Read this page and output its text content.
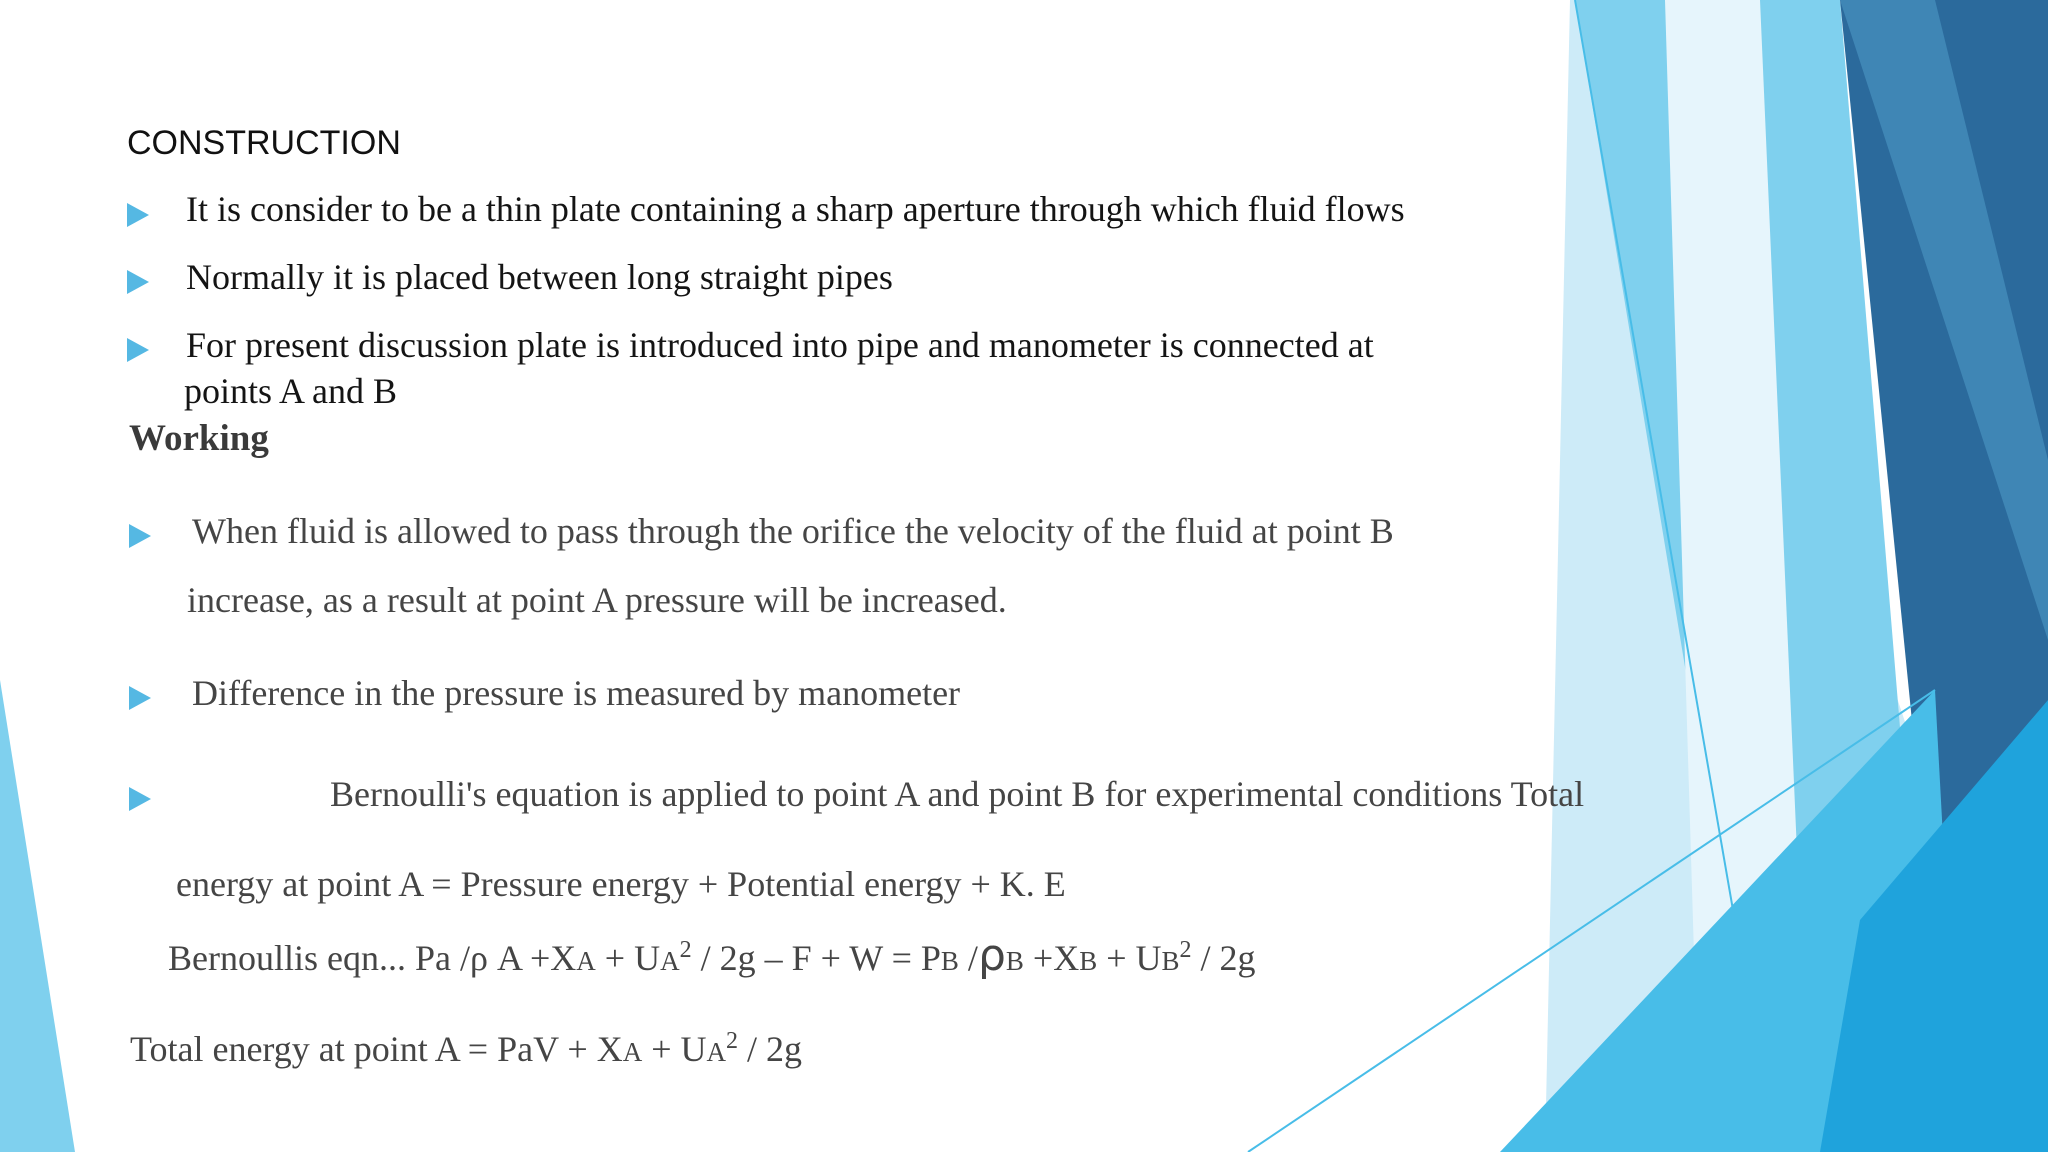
CONSTRUCTION
It is consider to be a thin plate containing a sharp aperture through which fluid flows
Normally it is placed between long straight pipes
For present discussion plate is introduced into pipe and manometer is connected at
points A and B
Working
When fluid is allowed to pass through the orifice the velocity of the fluid at point B
increase, as a result at point A pressure will be increased.
Difference in the pressure is measured by manometer
Bernoulli's equation is applied to point A and point B for experimental conditions Total
energy at point A = Pressure energy + Potential energy + K. E
Bernoullis eqn... Pa /ρ $A +XA + UA^2 / 2g - F + W$ = PB $/\rho B +XB + UB^2 / 2g$
Total energy at point A = PaV + XA + $UA^2 / 2g$
